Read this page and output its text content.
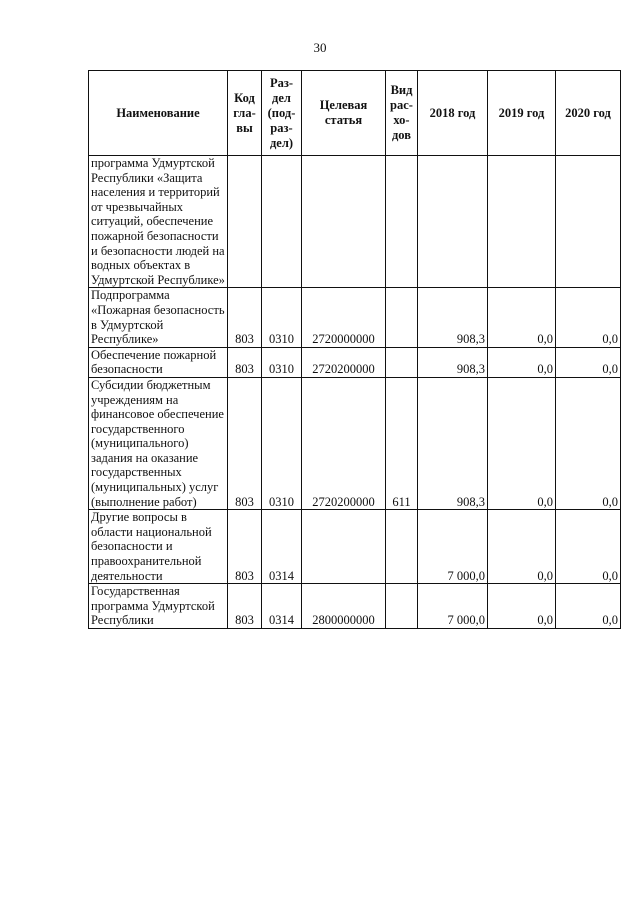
30
Наименование	Код гла- вы	Раз- дел (под- раз- дел)	Целевая статья	Вид рас- хо- дов	2018 год	2019 год	2020 год
программа Удмуртской Республики «Защита населения и территорий от чрезвычайных ситуаций, обеспечение пожарной безопасности и безопасности людей на водных объектах в Удмуртской Республике»							
Подпрограмма «Пожарная безопасность в Удмуртской Республике»	803	0310	2720000000		908,3	0,0	0,0
Обеспечение пожарной безопасности	803	0310	2720200000		908,3	0,0	0,0
Субсидии бюджетным учреждениям на финансовое обеспечение государственного (муниципального) задания на оказание государственных (муниципальных) услуг (выполнение работ)	803	0310	2720200000	611	908,3	0,0	0,0
Другие вопросы в области национальной безопасности и правоохранительной деятельности	803	0314			7 000,0	0,0	0,0
Государственная программа Удмуртской Республики	803	0314	2800000000		7 000,0	0,0	0,0
